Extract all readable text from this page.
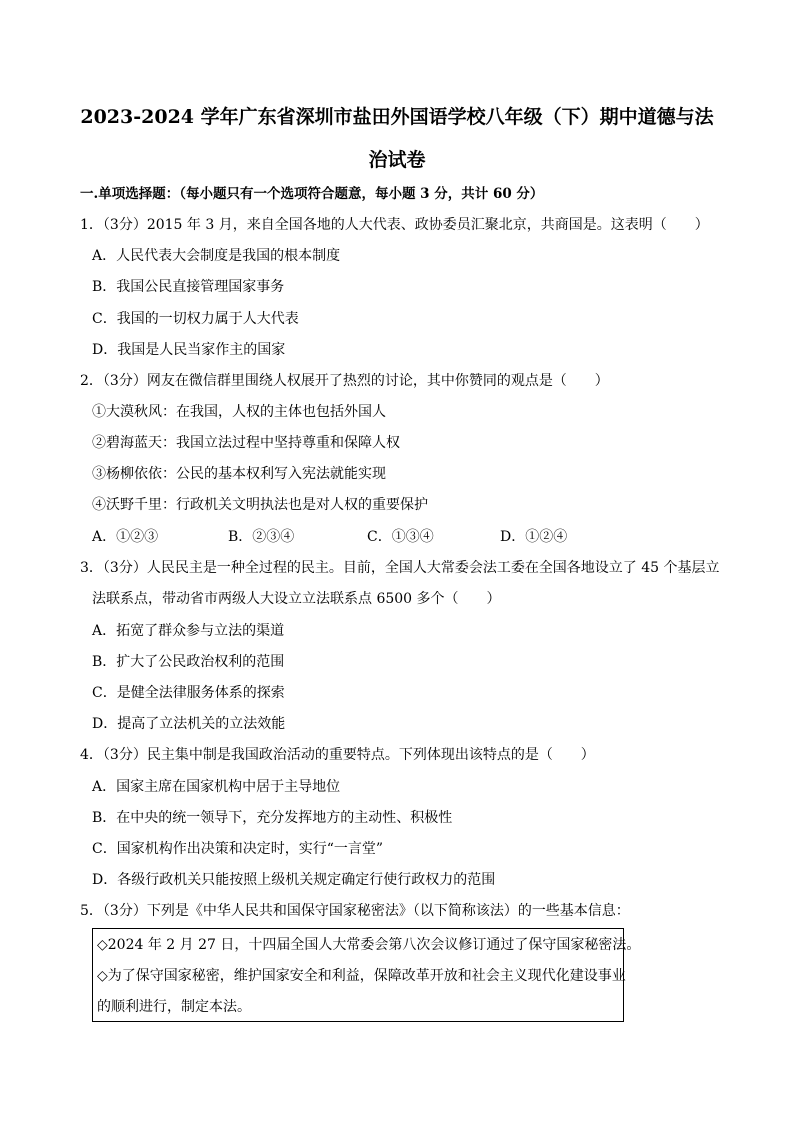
2023-2024 学年广东省深圳市盐田外国语学校八年级（下）期中道德与法
治试卷
一.单项选择题：（每小题只有一个选项符合题意，每小题 3 分，共计 60 分）
1．（3分）2015 年 3 月，来自全国各地的人大代表、政协委员汇聚北京，共商国是。这表明（　　）
A．人民代表大会制度是我国的根本制度
B．我国公民直接管理国家事务
C．我国的一切权力属于人大代表
D．我国是人民当家作主的国家
2．（3分）网友在微信群里围绕人权展开了热烈的讨论，其中你赞同的观点是（　　）
①大漠秋风：在我国，人权的主体也包括外国人
②碧海蓝天：我国立法过程中坚持尊重和保障人权
③杨柳依依：公民的基本权利写入宪法就能实现
④沃野千里：行政机关文明执法也是对人权的重要保护
A．①②③	B．②③④	C．①③④	D．①②④
3．（3分）人民民主是一种全过程的民主。目前，全国人大常委会法工委在全国各地设立了 45 个基层立
法联系点，带动省市两级人大设立立法联系点 6500 多个（　　）
A．拓宽了群众参与立法的渠道
B．扩大了公民政治权利的范围
C．是健全法律服务体系的探索
D．提高了立法机关的立法效能
4．（3分）民主集中制是我国政治活动的重要特点。下列体现出该特点的是（　　）
A．国家主席在国家机构中居于主导地位
B．在中央的统一领导下，充分发挥地方的主动性、积极性
C．国家机构作出决策和决定时，实行“一言堂”
D．各级行政机关只能按照上级机关规定确定行使行政权力的范围
5．（3分）下列是《中华人民共和国保守国家秘密法》（以下简称该法）的一些基本信息：
◇2024 年 2 月 27 日，十四届全国人大常委会第八次会议修订通过了保守国家秘密法。
◇为了保守国家秘密，维护国家安全和利益，保障改革开放和社会主义现代化建设事业
的顺利进行，制定本法。
